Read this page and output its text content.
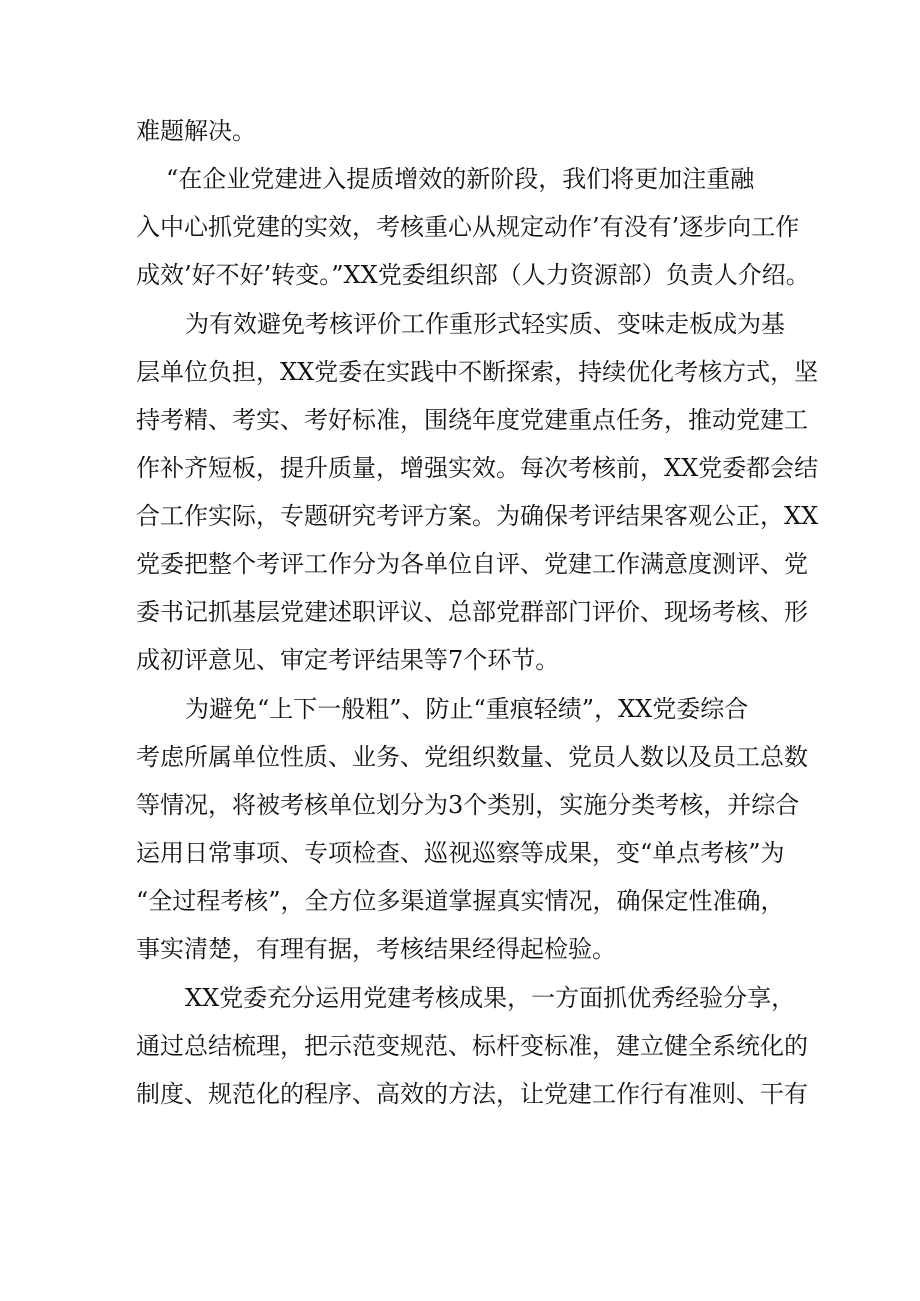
难题解决。
“在企业党建进入提质增效的新阶段，我们将更加注重融
入中心抓党建的实效，考核重心从规定动作’有没有’逐步向工作
成效’好不好’转变。”XX党委组织部（人力资源部）负责人介绍。
为有效避免考核评价工作重形式轻实质、变味走板成为基
层单位负担，XX党委在实践中不断探索，持续优化考核方式，坚
持考精、考实、考好标准，围绕年度党建重点任务，推动党建工
作补齐短板，提升质量，增强实效。每次考核前，XX党委都会结
合工作实际，专题研究考评方案。为确保考评结果客观公正，XX
党委把整个考评工作分为各单位自评、党建工作满意度测评、党
委书记抓基层党建述职评议、总部党群部门评价、现场考核、形
成初评意见、审定考评结果等7个环节。
为避免“上下一般粗”、防止“重痕轻绩”，XX党委综合
考虑所属单位性质、业务、党组织数量、党员人数以及员工总数
等情况，将被考核单位划分为3个类别，实施分类考核，并综合
运用日常事项、专项检查、巡视巡察等成果，变“单点考核”为
“全过程考核”，全方位多渠道掌握真实情况，确保定性准确，
事实清楚，有理有据，考核结果经得起检验。
XX党委充分运用党建考核成果，一方面抓优秀经验分享，
通过总结梳理，把示范变规范、标杆变标准，建立健全系统化的
制度、规范化的程序、高效的方法，让党建工作行有准则、干有
